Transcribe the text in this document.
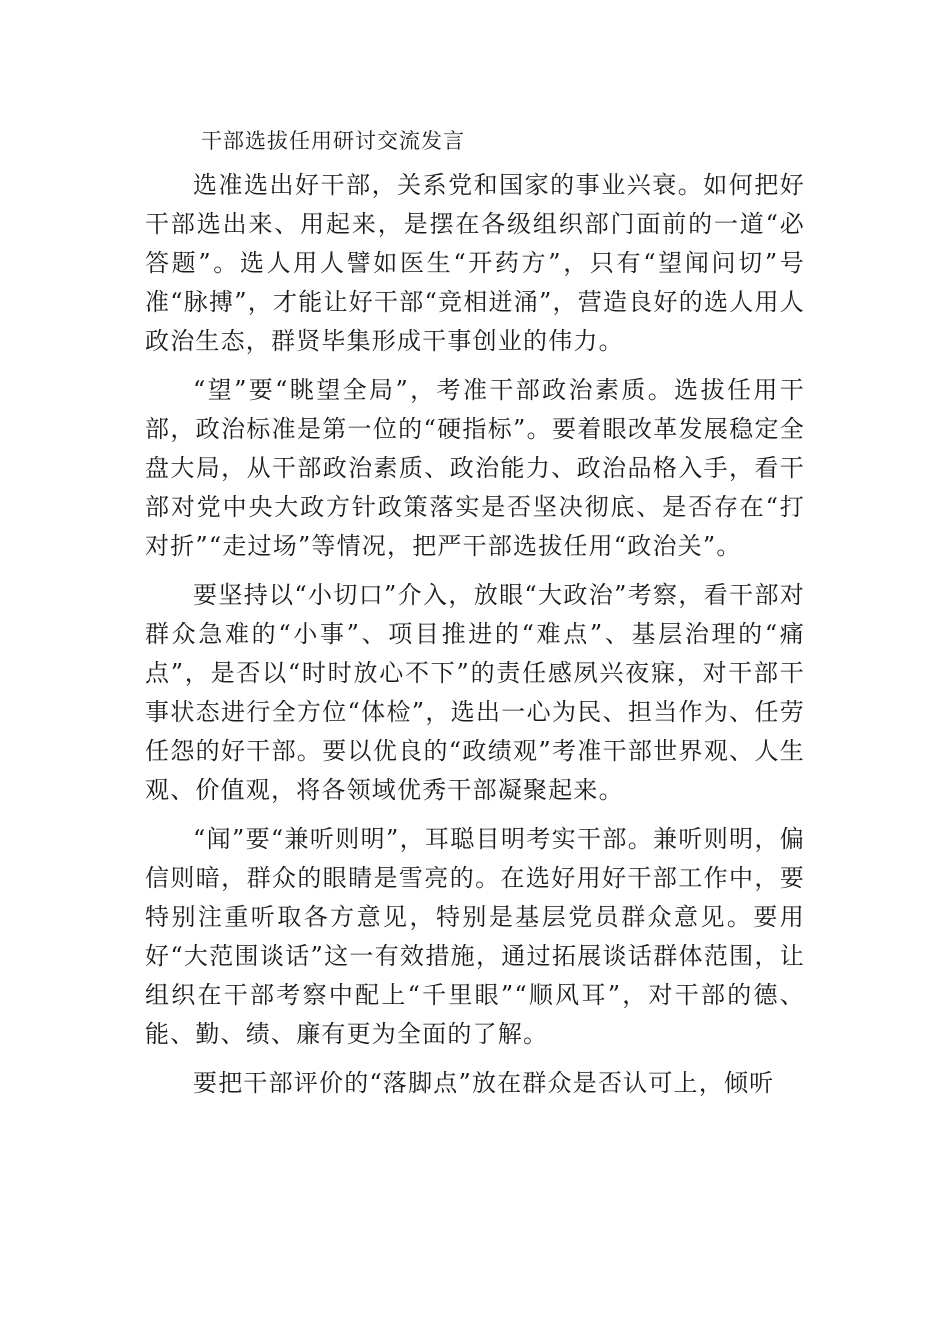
干部选拔任用研讨交流发言

选准选出好干部，关系党和国家的事业兴衰。如何把好干部选出来、用起来，是摆在各级组织部门面前的一道“必答题”。选人用人譬如医生“开药方”，只有“望闻问切”号准“脉搏”，才能让好干部“竞相迸涌”，营造良好的选人用人政治生态，群贤毕集形成干事创业的伟力。

“望”要“眺望全局”，考准干部政治素质。选拔任用干部，政治标准是第一位的“硬指标”。要着眼改革发展稳定全盘大局，从干部政治素质、政治能力、政治品格入手，看干部对党中央大政方针政策落实是否坚决彻底、是否存在“打对折”“走过场”等情况，把严干部选拔任用“政治关”。

要坚持以“小切口”介入，放眼“大政治”考察，看干部对群众急难的“小事”、项目推进的“难点”、基层治理的“痛点”，是否以“时时放心不下”的责任感夙兴夜寐，对干部干事状态进行全方位“体检”，选出一心为民、担当作为、任劳任怨的好干部。要以优良的“政绩观”考准干部世界观、人生观、价值观，将各领域优秀干部凝聚起来。

“闻”要“兼听则明”，耳聪目明考实干部。兼听则明，偏信则暗，群众的眼睛是雪亮的。在选好用好干部工作中，要特别注重听取各方意见，特别是基层党员群众意见。要用好“大范围谈话”这一有效措施，通过拓展谈话群体范围，让组织在干部考察中配上“千里眼”“顺风耳”，对干部的德、能、勤、绩、廉有更为全面的了解。

要把干部评价的“落脚点”放在群众是否认可上，倾听
